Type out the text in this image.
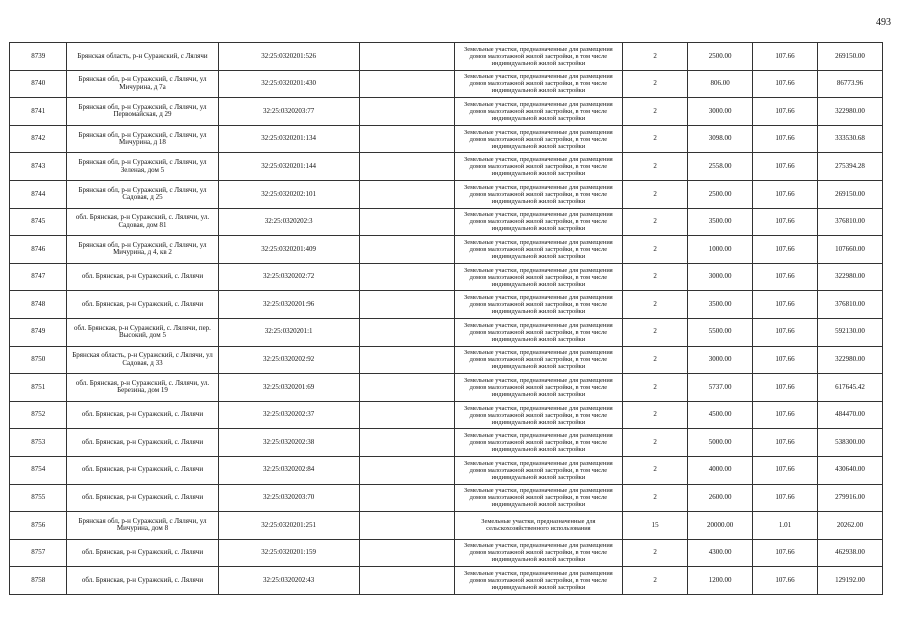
493
8739	Брянская область, р-н Суражский, с Лялячи	32:25:0320201:526		Земельные участки, предназначенные для размещения домов малоэтажной жилой застройки, в том числе индивидуальной жилой застройки	2	2500.00	107.66	269150.00
8740	Брянская обл, р-н Суражский, с Лялячи, ул Мичурина, д 7а	32:25:0320201:430		Земельные участки, предназначенные для размещения домов малоэтажной жилой застройки, в том числе индивидуальной жилой застройки	2	806.00	107.66	86773.96
8741	Брянская обл, р-н Суражский, с Лялячи, ул Первомайская, д 29	32:25:0320203:77		Земельные участки, предназначенные для размещения домов малоэтажной жилой застройки, в том числе индивидуальной жилой застройки	2	3000.00	107.66	322980.00
8742	Брянская обл, р-н Суражский, с Лялячи, ул Мичурина, д 18	32:25:0320201:134		Земельные участки, предназначенные для размещения домов малоэтажной жилой застройки, в том числе индивидуальной жилой застройки	2	3098.00	107.66	333530.68
8743	Брянская обл, р-н Суражский, с Лялячи, ул Зеленая, дом 5	32:25:0320201:144		Земельные участки, предназначенные для размещения домов малоэтажной жилой застройки, в том числе индивидуальной жилой застройки	2	2558.00	107.66	275394.28
8744	Брянская обл, р-н Суражский, с Лялячи, ул Садовая, д 25	32:25:0320202:101		Земельные участки, предназначенные для размещения домов малоэтажной жилой застройки, в том числе индивидуальной жилой застройки	2	2500.00	107.66	269150.00
8745	обл. Брянская, р-н Суражский, с. Лялячи, ул. Садовая, дом 81	32:25:0320202:3		Земельные участки, предназначенные для размещения домов малоэтажной жилой застройки, в том числе индивидуальной жилой застройки	2	3500.00	107.66	376810.00
8746	Брянская обл, р-н Суражский, с Лялячи, ул Мичурина, д 4, кв 2	32:25:0320201:409		Земельные участки, предназначенные для размещения домов малоэтажной жилой застройки, в том числе индивидуальной жилой застройки	2	1000.00	107.66	107660.00
8747	обл. Брянская, р-н Суражский, с. Лялячи	32:25:0320202:72		Земельные участки, предназначенные для размещения домов малоэтажной жилой застройки, в том числе индивидуальной жилой застройки	2	3000.00	107.66	322980.00
8748	обл. Брянская, р-н Суражский, с. Лялячи	32:25:0320201:96		Земельные участки, предназначенные для размещения домов малоэтажной жилой застройки, в том числе индивидуальной жилой застройки	2	3500.00	107.66	376810.00
8749	обл. Брянская, р-н Суражский, с. Лялячи, пер. Высокий, дом 5	32:25:0320201:1		Земельные участки, предназначенные для размещения домов малоэтажной жилой застройки, в том числе индивидуальной жилой застройки	2	5500.00	107.66	592130.00
8750	Брянская область, р-н Суражский, с Лялячи, ул Садовая, д 33	32:25:0320202:92		Земельные участки, предназначенные для размещения домов малоэтажной жилой застройки, в том числе индивидуальной жилой застройки	2	3000.00	107.66	322980.00
8751	обл. Брянская, р-н Суражский, с. Лялячи, ул. Березина, дом 19	32:25:0320201:69		Земельные участки, предназначенные для размещения домов малоэтажной жилой застройки, в том числе индивидуальной жилой застройки	2	5737.00	107.66	617645.42
8752	обл. Брянская, р-н Суражский, с. Лялячи	32:25:0320202:37		Земельные участки, предназначенные для размещения домов малоэтажной жилой застройки, в том числе индивидуальной жилой застройки	2	4500.00	107.66	484470.00
8753	обл. Брянская, р-н Суражский, с. Лялячи	32:25:0320202:38		Земельные участки, предназначенные для размещения домов малоэтажной жилой застройки, в том числе индивидуальной жилой застройки	2	5000.00	107.66	538300.00
8754	обл. Брянская, р-н Суражский, с. Лялячи	32:25:0320202:84		Земельные участки, предназначенные для размещения домов малоэтажной жилой застройки, в том числе индивидуальной жилой застройки	2	4000.00	107.66	430640.00
8755	обл. Брянская, р-н Суражский, с. Лялячи	32:25:0320203:70		Земельные участки, предназначенные для размещения домов малоэтажной жилой застройки, в том числе индивидуальной жилой застройки	2	2600.00	107.66	279916.00
8756	Брянская обл, р-н Суражский, с Лялячи, ул Мичурина, дом 8	32:25:0320201:251		Земельные участки, предназначенные для сельскохозяйственного использования	15	20000.00	1.01	20262.00
8757	обл. Брянская, р-н Суражский, с. Лялячи	32:25:0320201:159		Земельные участки, предназначенные для размещения домов малоэтажной жилой застройки, в том числе индивидуальной жилой застройки	2	4300.00	107.66	462938.00
8758	обл. Брянская, р-н Суражский, с. Лялячи	32:25:0320202:43		Земельные участки, предназначенные для размещения домов малоэтажной жилой застройки, в том числе индивидуальной жилой застройки	2	1200.00	107.66	129192.00
